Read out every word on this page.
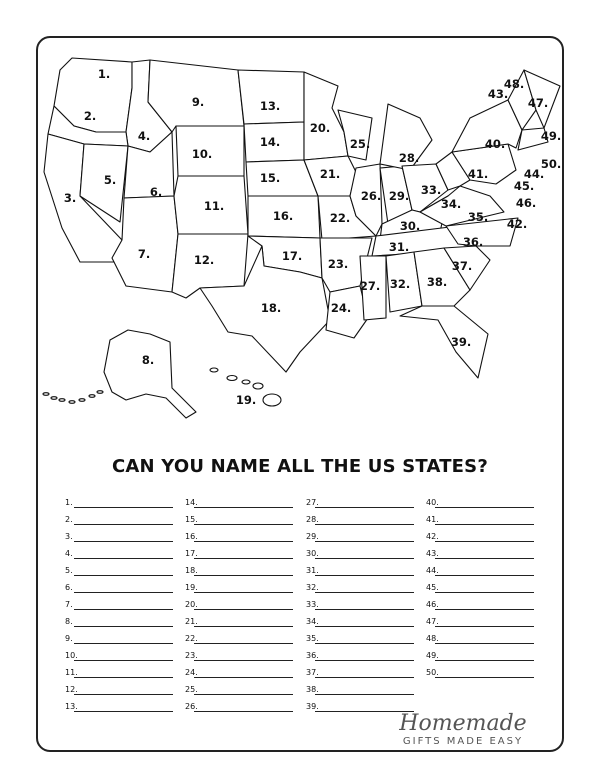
1.
2.
3.
4.
5.
6.
7.
8.
9.
10.
11.
12.
13.
14.
15.
16.
17.
18.
19.
20.
21.
22.
23.
24.
25.
26.
27.
28.
29.
30.
31.
32.
33.
34.
35.
36.
37.
38.
39.
40.
41.
42.
43.
44.
45.
46.
47.
48.
49.
50.
CAN YOU NAME ALL THE US STATES?
1.
2.
3.
4.
5.
6.
7.
8.
9.
10.
11.
12.
13.
14.
15.
16.
17.
18.
19.
20.
21.
22.
23.
24.
25.
26.
27.
28.
29.
30.
31.
32.
33.
34.
35.
36.
37.
38.
39.
40.
41.
42.
43.
44.
45.
46.
47.
48.
49.
50.
Homemade
GIFTS MADE EASY
